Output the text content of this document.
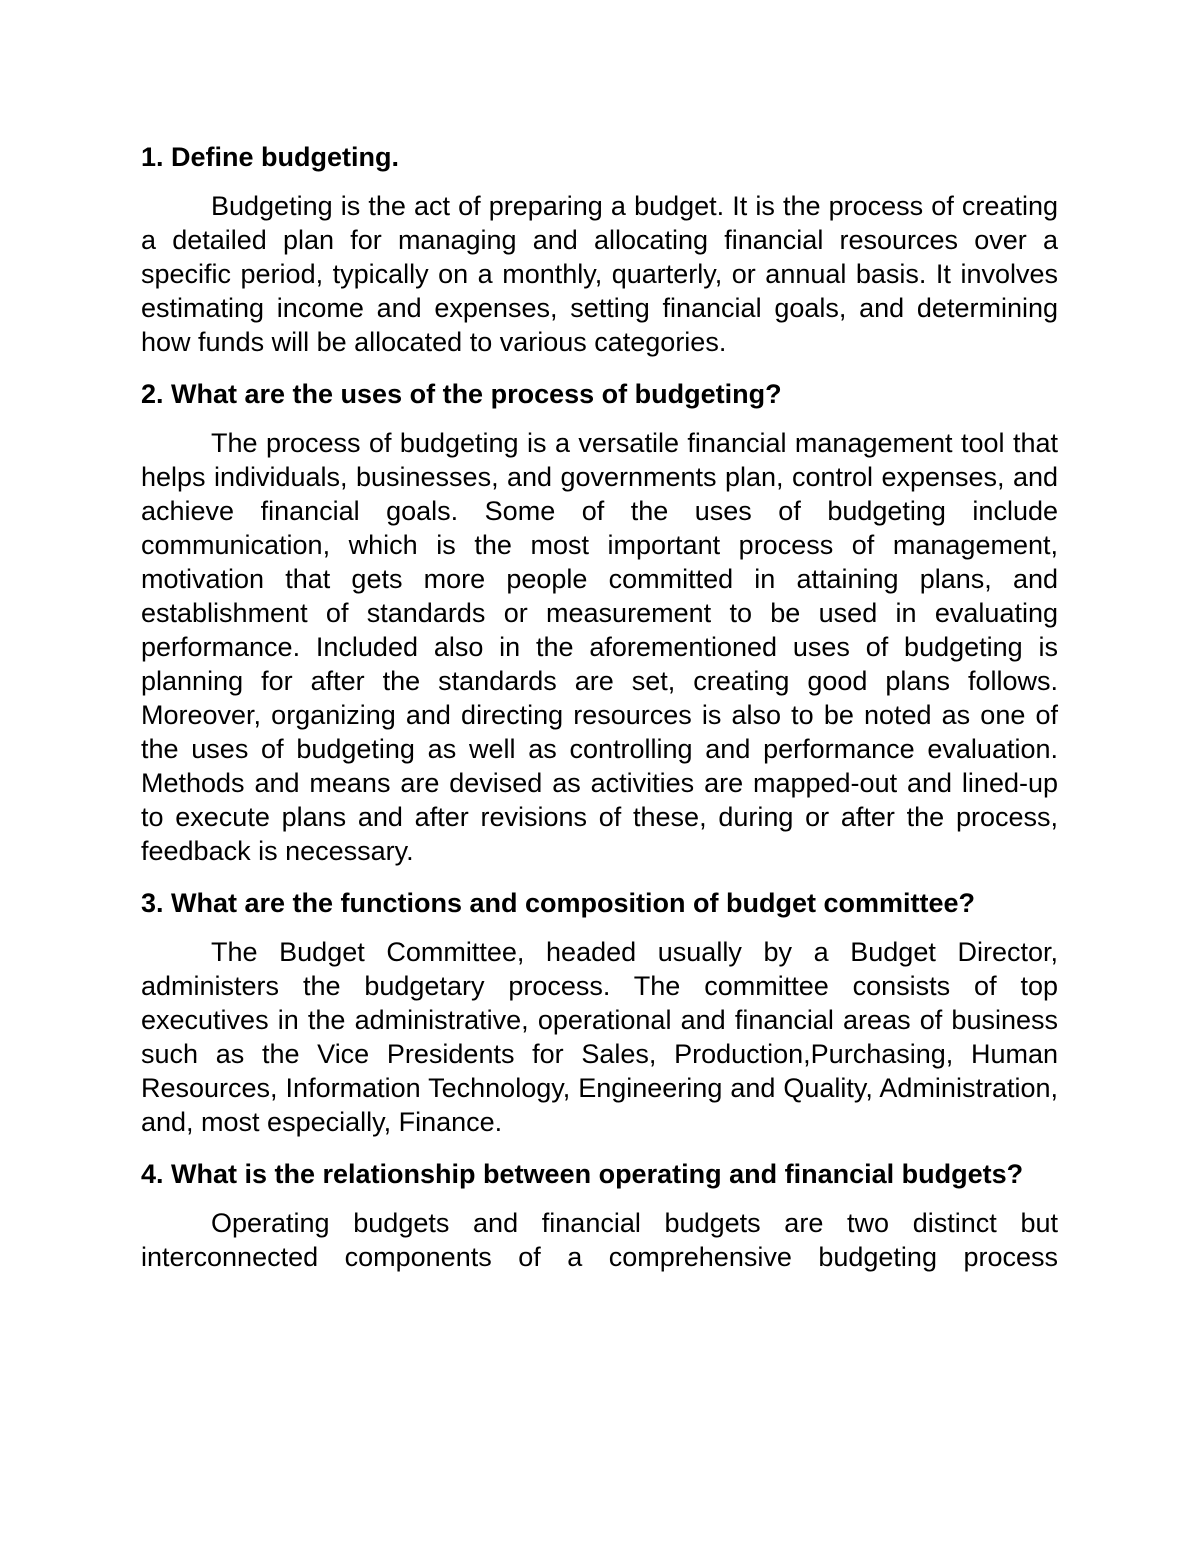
1. Define budgeting.

Budgeting is the act of preparing a budget. It is the process of creating a detailed plan for managing and allocating financial resources over a specific period, typically on a monthly, quarterly, or annual basis. It involves estimating income and expenses, setting financial goals, and determining how funds will be allocated to various categories.

2. What are the uses of the process of budgeting?

The process of budgeting is a versatile financial management tool that helps individuals, businesses, and governments plan, control expenses, and achieve financial goals. Some of the uses of budgeting include communication, which is the most important process of management, motivation that gets more people committed in attaining plans, and establishment of standards or measurement to be used in evaluating performance. Included also in the aforementioned uses of budgeting is planning for after the standards are set, creating good plans follows. Moreover, organizing and directing resources is also to be noted as one of the uses of budgeting as well as controlling and performance evaluation. Methods and means are devised as activities are mapped-out and lined-up to execute plans and after revisions of these, during or after the process, feedback is necessary.

3. What are the functions and composition of budget committee?

The Budget Committee, headed usually by a Budget Director, administers the budgetary process. The committee consists of top executives in the administrative, operational and financial areas of business such as the Vice Presidents for Sales, Production,Purchasing, Human Resources, Information Technology, Engineering and Quality, Administration, and, most especially, Finance.

4. What is the relationship between operating and financial budgets?

Operating budgets and financial budgets are two distinct but interconnected components of a comprehensive budgeting process
